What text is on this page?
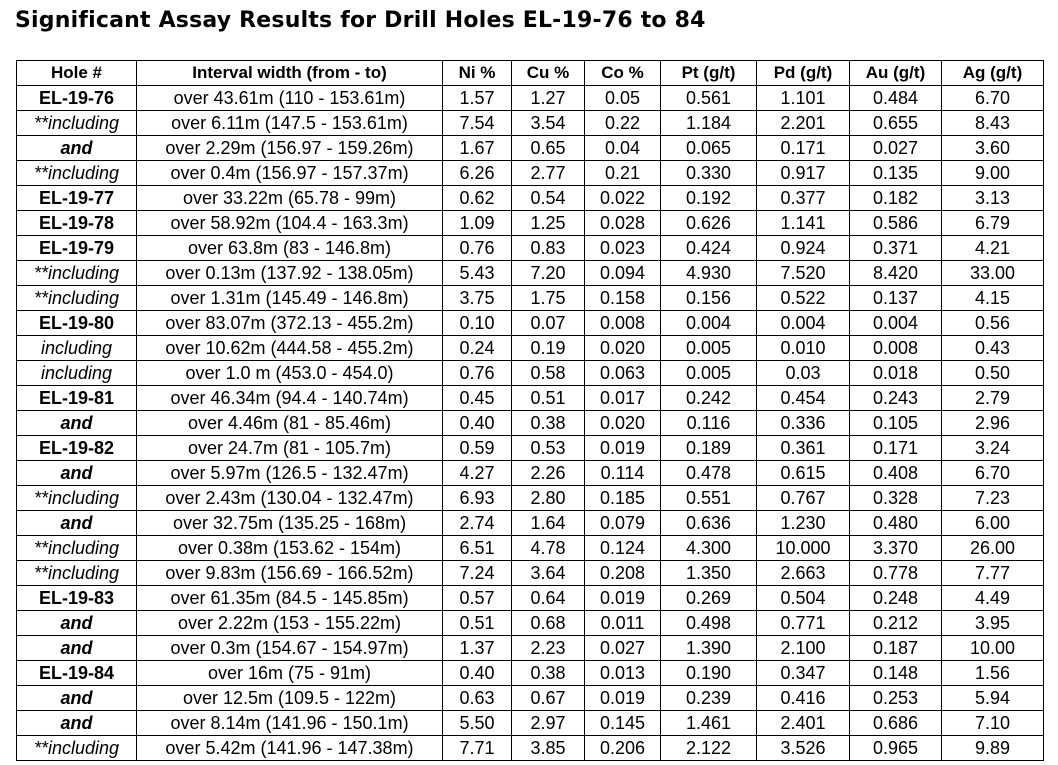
Significant Assay Results for Drill Holes EL-19-76 to 84
Hole #	Interval width (from - to)	Ni %	Cu %	Co %	Pt (g/t)	Pd (g/t)	Au (g/t)	Ag (g/t)
EL-19-76	over 43.61m (110 - 153.61m)	1.57	1.27	0.05	0.561	1.101	0.484	6.70
**including	over 6.11m (147.5 - 153.61m)	7.54	3.54	0.22	1.184	2.201	0.655	8.43
and	over 2.29m (156.97 - 159.26m)	1.67	0.65	0.04	0.065	0.171	0.027	3.60
**including	over 0.4m (156.97 - 157.37m)	6.26	2.77	0.21	0.330	0.917	0.135	9.00
EL-19-77	over 33.22m (65.78 - 99m)	0.62	0.54	0.022	0.192	0.377	0.182	3.13
EL-19-78	over 58.92m (104.4 - 163.3m)	1.09	1.25	0.028	0.626	1.141	0.586	6.79
EL-19-79	over 63.8m (83 - 146.8m)	0.76	0.83	0.023	0.424	0.924	0.371	4.21
**including	over 0.13m (137.92 - 138.05m)	5.43	7.20	0.094	4.930	7.520	8.420	33.00
**including	over 1.31m (145.49 - 146.8m)	3.75	1.75	0.158	0.156	0.522	0.137	4.15
EL-19-80	over 83.07m (372.13 - 455.2m)	0.10	0.07	0.008	0.004	0.004	0.004	0.56
including	over 10.62m (444.58 - 455.2m)	0.24	0.19	0.020	0.005	0.010	0.008	0.43
including	over 1.0 m (453.0 - 454.0)	0.76	0.58	0.063	0.005	0.03	0.018	0.50
EL-19-81	over 46.34m (94.4 - 140.74m)	0.45	0.51	0.017	0.242	0.454	0.243	2.79
and	over 4.46m (81 - 85.46m)	0.40	0.38	0.020	0.116	0.336	0.105	2.96
EL-19-82	over 24.7m (81 - 105.7m)	0.59	0.53	0.019	0.189	0.361	0.171	3.24
and	over 5.97m (126.5 - 132.47m)	4.27	2.26	0.114	0.478	0.615	0.408	6.70
**including	over 2.43m (130.04 - 132.47m)	6.93	2.80	0.185	0.551	0.767	0.328	7.23
and	over 32.75m (135.25 - 168m)	2.74	1.64	0.079	0.636	1.230	0.480	6.00
**including	over 0.38m (153.62 - 154m)	6.51	4.78	0.124	4.300	10.000	3.370	26.00
**including	over 9.83m (156.69 - 166.52m)	7.24	3.64	0.208	1.350	2.663	0.778	7.77
EL-19-83	over 61.35m (84.5 - 145.85m)	0.57	0.64	0.019	0.269	0.504	0.248	4.49
and	over 2.22m (153 - 155.22m)	0.51	0.68	0.011	0.498	0.771	0.212	3.95
and	over 0.3m (154.67 - 154.97m)	1.37	2.23	0.027	1.390	2.100	0.187	10.00
EL-19-84	over 16m (75 - 91m)	0.40	0.38	0.013	0.190	0.347	0.148	1.56
and	over 12.5m (109.5 - 122m)	0.63	0.67	0.019	0.239	0.416	0.253	5.94
and	over 8.14m (141.96 - 150.1m)	5.50	2.97	0.145	1.461	2.401	0.686	7.10
**including	over 5.42m (141.96 - 147.38m)	7.71	3.85	0.206	2.122	3.526	0.965	9.89
